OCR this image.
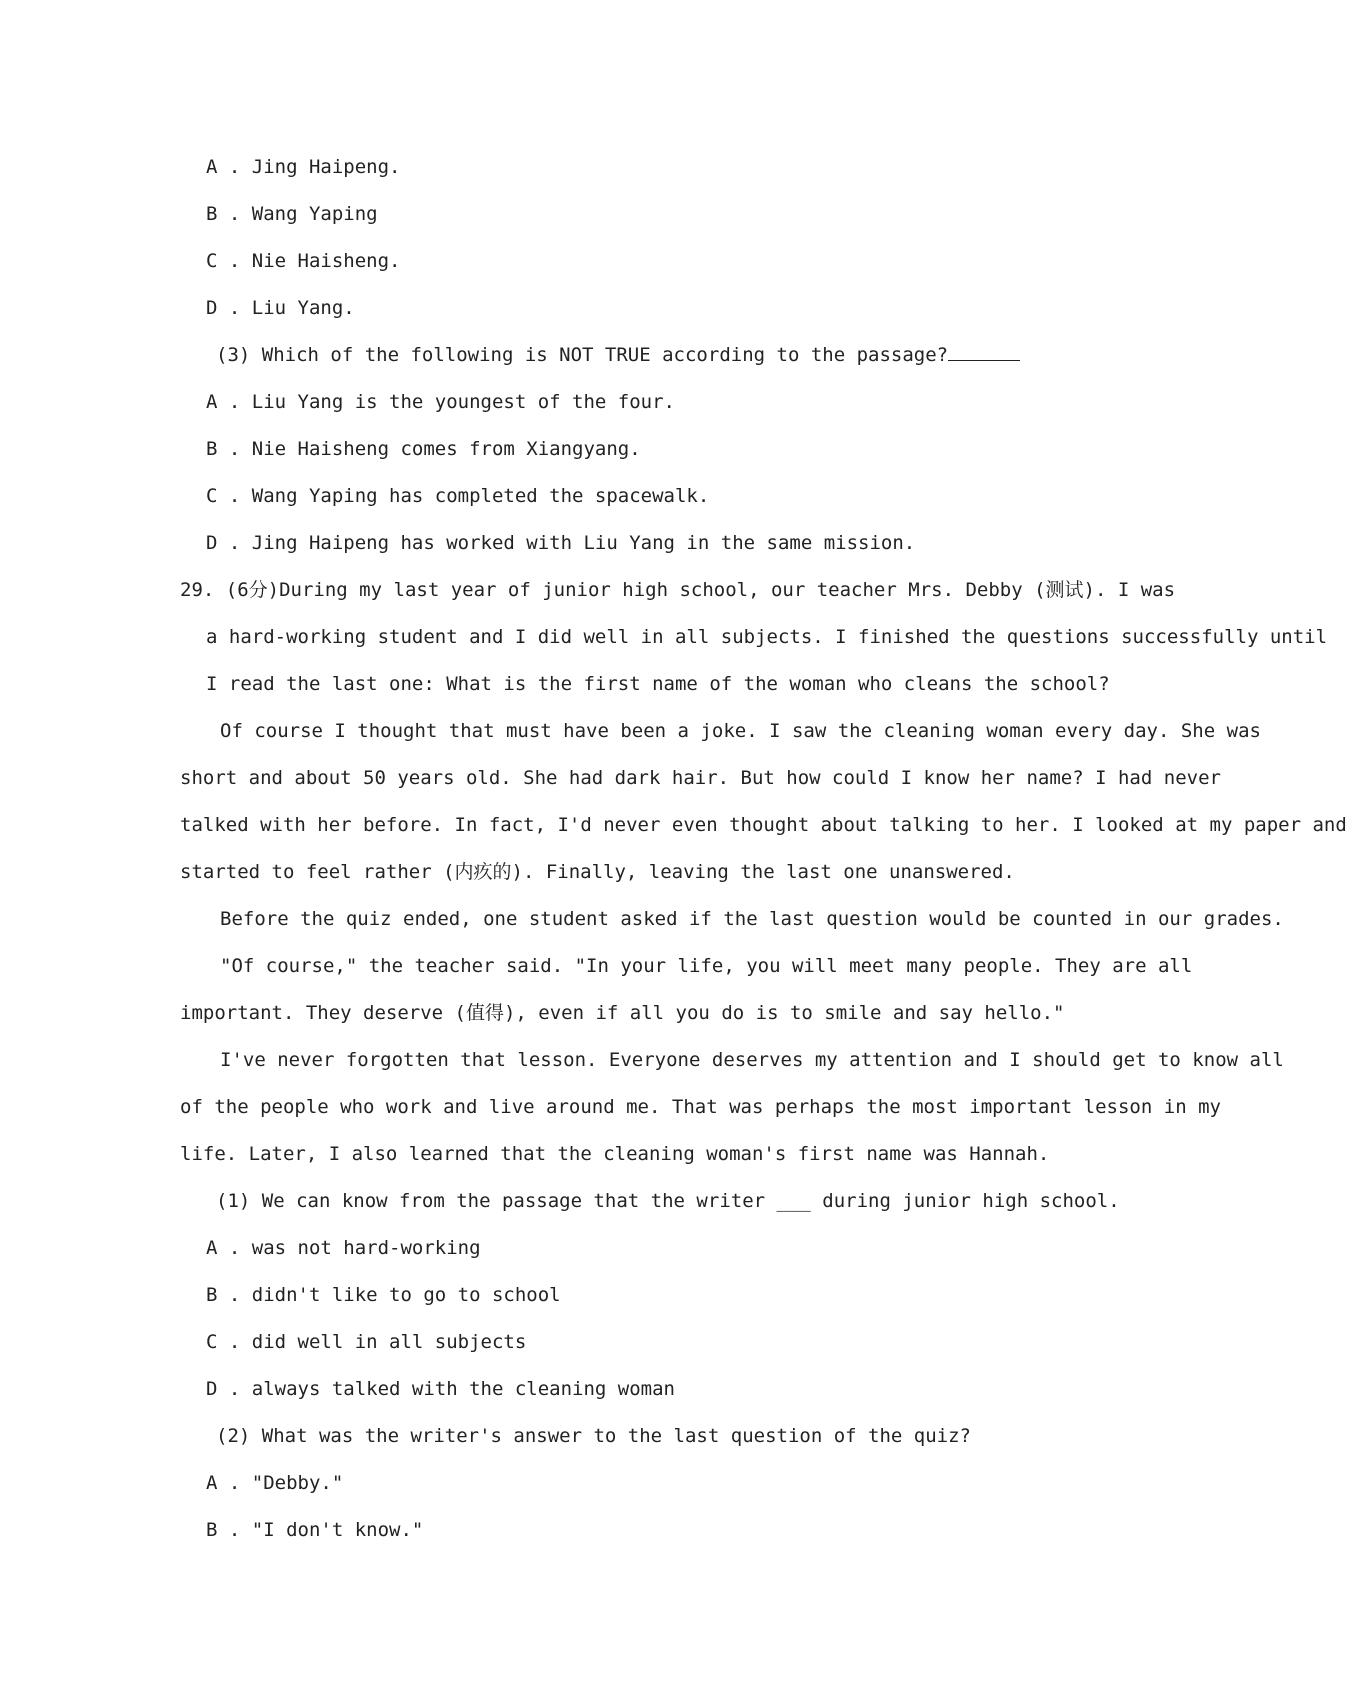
A . Jing Haipeng.
B . Wang Yaping
C . Nie Haisheng.
D . Liu Yang.
(3) Which of the following is NOT TRUE according to the passage?
A . Liu Yang is the youngest of the four.
B . Nie Haisheng comes from Xiangyang.
C . Wang Yaping has completed the spacewalk.
D . Jing Haipeng has worked with Liu Yang in the same mission.
29. (6分)During my last year of junior high school, our teacher Mrs. Debby (测试). I was
a hard-working student and I did well in all subjects. I finished the questions successfully until
I read the last one: What is the first name of the woman who cleans the school?
Of course I thought that must have been a joke. I saw the cleaning woman every day. She was
short and about 50 years old. She had dark hair. But how could I know her name? I had never
talked with her before. In fact, I'd never even thought about talking to her. I looked at my paper and
started to feel rather (内疚的). Finally, leaving the last one unanswered.
Before the quiz ended, one student asked if the last question would be counted in our grades.
"Of course," the teacher said. "In your life, you will meet many people. They are all
important. They deserve (值得), even if all you do is to smile and say hello."
I've never forgotten that lesson. Everyone deserves my attention and I should get to know all
of the people who work and live around me. That was perhaps the most important lesson in my
life. Later, I also learned that the cleaning woman's first name was Hannah.
(1) We can know from the passage that the writer ___ during junior high school.
A . was not hard-working
B . didn't like to go to school
C . did well in all subjects
D . always talked with the cleaning woman
(2) What was the writer's answer to the last question of the quiz?
A . "Debby."
B . "I don't know."
